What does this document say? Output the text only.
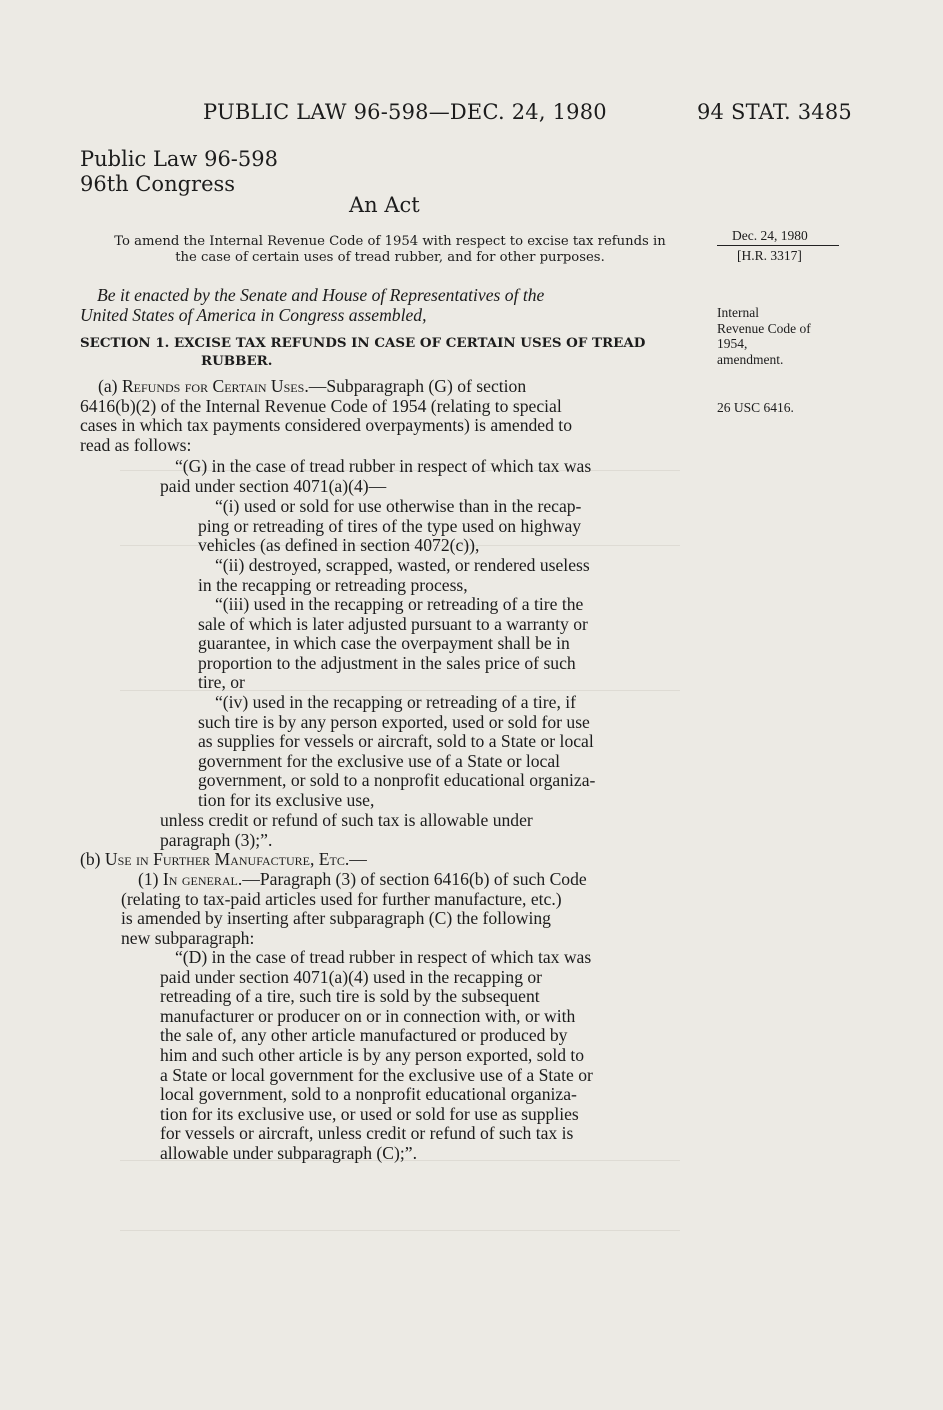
PUBLIC LAW 96-598—DEC. 24, 1980	94 STAT. 3485
Public Law 96-598
96th Congress
An Act
To amend the Internal Revenue Code of 1954 with respect to excise tax refunds in
the case of certain uses of tread rubber, and for other purposes.
Dec. 24, 1980
[H.R. 3317]
Internal
Revenue Code of
1954,
amendment.
26 USC 6416.
Be it enacted by the Senate and House of Representatives of the
United States of America in Congress assembled,
SECTION 1. EXCISE TAX REFUNDS IN CASE OF CERTAIN USES OF TREAD
RUBBER.
(a) Refunds for Certain Uses.—Subparagraph (G) of section
6416(b)(2) of the Internal Revenue Code of 1954 (relating to special
cases in which tax payments considered overpayments) is amended to
read as follows:
“(G) in the case of tread rubber in respect of which tax was
paid under section 4071(a)(4)—
“(i) used or sold for use otherwise than in the recap-
ping or retreading of tires of the type used on highway
vehicles (as defined in section 4072(c)),
“(ii) destroyed, scrapped, wasted, or rendered useless
in the recapping or retreading process,
“(iii) used in the recapping or retreading of a tire the
sale of which is later adjusted pursuant to a warranty or
guarantee, in which case the overpayment shall be in
proportion to the adjustment in the sales price of such
tire, or
“(iv) used in the recapping or retreading of a tire, if
such tire is by any person exported, used or sold for use
as supplies for vessels or aircraft, sold to a State or local
government for the exclusive use of a State or local
government, or sold to a nonprofit educational organiza-
tion for its exclusive use,
unless credit or refund of such tax is allowable under
paragraph (3);”.
(b) Use in Further Manufacture, Etc.—
(1) In general.—Paragraph (3) of section 6416(b) of such Code
(relating to tax-paid articles used for further manufacture, etc.)
is amended by inserting after subparagraph (C) the following
new subparagraph:
“(D) in the case of tread rubber in respect of which tax was
paid under section 4071(a)(4) used in the recapping or
retreading of a tire, such tire is sold by the subsequent
manufacturer or producer on or in connection with, or with
the sale of, any other article manufactured or produced by
him and such other article is by any person exported, sold to
a State or local government for the exclusive use of a State or
local government, sold to a nonprofit educational organiza-
tion for its exclusive use, or used or sold for use as supplies
for vessels or aircraft, unless credit or refund of such tax is
allowable under subparagraph (C);”.
